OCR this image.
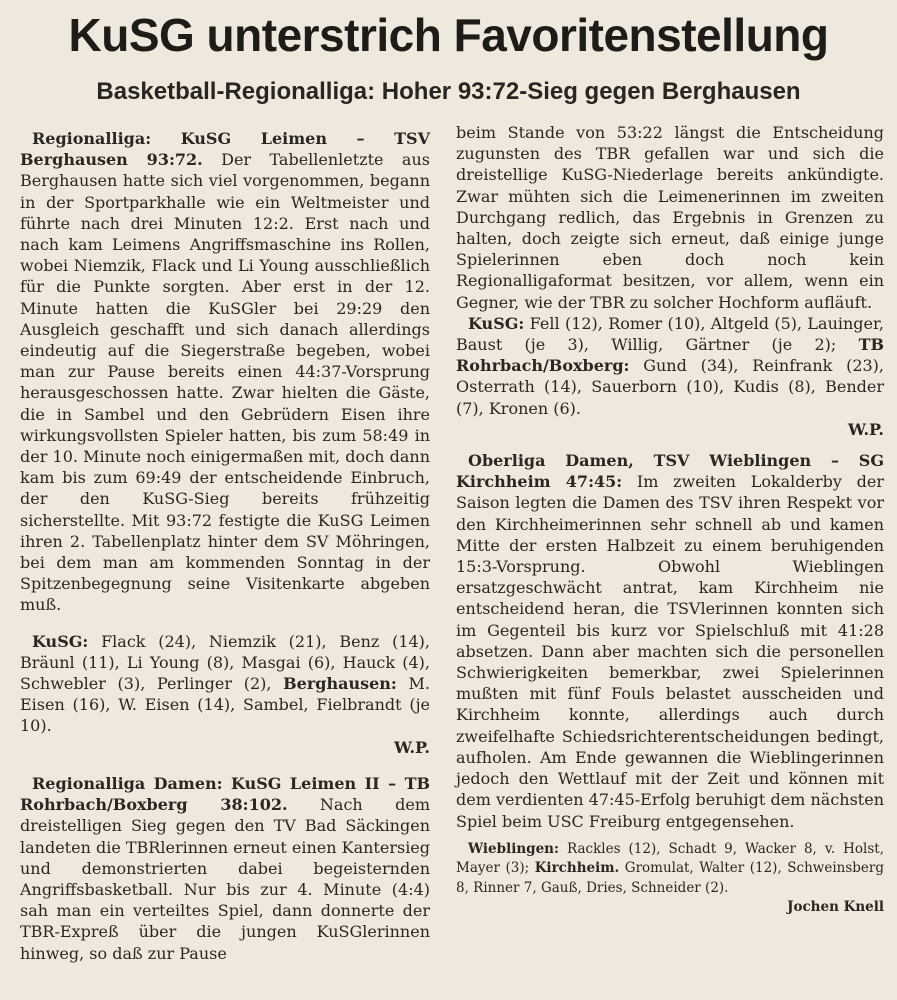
KuSG unterstrich Favoritenstellung
Basketball-Regionalliga: Hoher 93:72-Sieg gegen Berghausen

Regionalliga: KuSG Leimen – TSV Berghausen 93:72. Der Tabellenletzte aus Berghausen hatte sich viel vorgenommen, begann in der Sportparkhalle wie ein Weltmeister und führte nach drei Minuten 12:2. Erst nach und nach kam Leimens Angriffsmaschine ins Rollen, wobei Niemzik, Flack und Li Young ausschließlich für die Punkte sorgten. Aber erst in der 12. Minute hatten die KuSGler bei 29:29 den Ausgleich geschafft und sich danach allerdings eindeutig auf die Siegerstraße begeben, wobei man zur Pause bereits einen 44:37-Vorsprung herausgeschossen hatte. Zwar hielten die Gäste, die in Sambel und den Gebrüdern Eisen ihre wirkungsvollsten Spieler hatten, bis zum 58:49 in der 10. Minute noch einigermaßen mit, doch dann kam bis zum 69:49 der entscheidende Einbruch, der den KuSG-Sieg bereits frühzeitig sicherstellte. Mit 93:72 festigte die KuSG Leimen ihren 2. Tabellenplatz hinter dem SV Möhringen, bei dem man am kommenden Sonntag in der Spitzenbegegnung seine Visitenkarte abgeben muß.

KuSG: Flack (24), Niemzik (21), Benz (14), Bräunl (11), Li Young (8), Masgai (6), Hauck (4), Schwebler (3), Perlinger (2), Berghausen: M. Eisen (16), W. Eisen (14), Sambel, Fielbrandt (je 10).

W.P.

Regionalliga Damen: KuSG Leimen II – TB Rohrbach/Boxberg 38:102. Nach dem dreistelligen Sieg gegen den TV Bad Säckingen landeten die TBRlerinnen erneut einen Kantersieg und demonstrierten dabei begeisternden Angriffsbasketball. Nur bis zur 4. Minute (4:4) sah man ein verteiltes Spiel, dann donnerte der TBR-Expreß über die jungen KuSGlerinnen hinweg, so daß zur Pause

beim Stande von 53:22 längst die Entscheidung zugunsten des TBR gefallen war und sich die dreistellige KuSG-Niederlage bereits ankündigte. Zwar mühten sich die Leimenerinnen im zweiten Durchgang redlich, das Ergebnis in Grenzen zu halten, doch zeigte sich erneut, daß einige junge Spielerinnen eben doch noch kein Regionalligaformat besitzen, vor allem, wenn ein Gegner, wie der TBR zu solcher Hochform aufläuft.

KuSG: Fell (12), Romer (10), Altgeld (5), Lauinger, Baust (je 3), Willig, Gärtner (je 2); TB Rohrbach/Boxberg: Gund (34), Reinfrank (23), Osterrath (14), Sauerborn (10), Kudis (8), Bender (7), Kronen (6).

W.P.

Oberliga Damen, TSV Wieblingen – SG Kirchheim 47:45: Im zweiten Lokalderby der Saison legten die Damen des TSV ihren Respekt vor den Kirchheimerinnen sehr schnell ab und kamen Mitte der ersten Halbzeit zu einem beruhigenden 15:3-Vorsprung. Obwohl Wieblingen ersatzgeschwächt antrat, kam Kirchheim nie entscheidend heran, die TSVlerinnen konnten sich im Gegenteil bis kurz vor Spielschluß mit 41:28 absetzen. Dann aber machten sich die personellen Schwierigkeiten bemerkbar, zwei Spielerinnen mußten mit fünf Fouls belastet ausscheiden und Kirchheim konnte, allerdings auch durch zweifelhafte Schiedsrichterentscheidungen bedingt, aufholen. Am Ende gewannen die Wieblingerinnen jedoch den Wettlauf mit der Zeit und können mit dem verdienten 47:45-Erfolg beruhigt dem nächsten Spiel beim USC Freiburg entgegensehen.

Wieblingen: Rackles (12), Schadt 9, Wacker 8, v. Holst, Mayer (3); Kirchheim. Gromulat, Walter (12), Schweinsberg 8, Rinner 7, Gauß, Dries, Schneider (2).
Jochen Knell
